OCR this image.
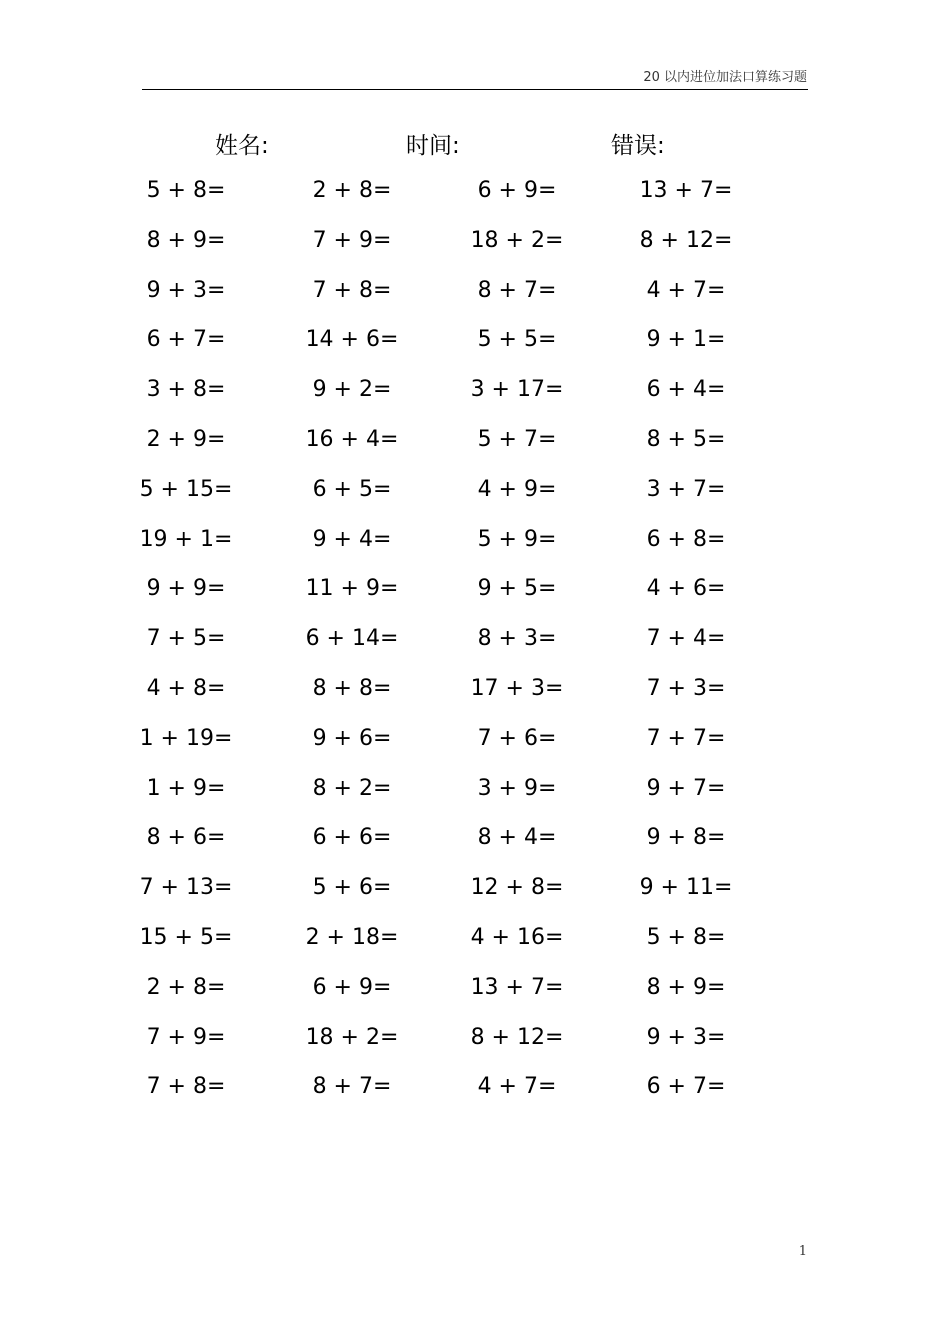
20 以内进位加法口算练习题
姓名:	时间:	错误:
5 + 8=	2 + 8=	6 + 9=	13 + 7=
8 + 9=	7 + 9=	18 + 2=	8 + 12=
9 + 3=	7 + 8=	8 + 7=	4 + 7=
6 + 7=	14 + 6=	5 + 5=	9 + 1=
3 + 8=	9 + 2=	3 + 17=	6 + 4=
2 + 9=	16 + 4=	5 + 7=	8 + 5=
5 + 15=	6 + 5=	4 + 9=	3 + 7=
19 + 1=	9 + 4=	5 + 9=	6 + 8=
9 + 9=	11 + 9=	9 + 5=	4 + 6=
7 + 5=	6 + 14=	8 + 3=	7 + 4=
4 + 8=	8 + 8=	17 + 3=	7 + 3=
1 + 19=	9 + 6=	7 + 6=	7 + 7=
1 + 9=	8 + 2=	3 + 9=	9 + 7=
8 + 6=	6 + 6=	8 + 4=	9 + 8=
7 + 13=	5 + 6=	12 + 8=	9 + 11=
15 + 5=	2 + 18=	4 + 16=	5 + 8=
2 + 8=	6 + 9=	13 + 7=	8 + 9=
7 + 9=	18 + 2=	8 + 12=	9 + 3=
7 + 8=	8 + 7=	4 + 7=	6 + 7=
1
